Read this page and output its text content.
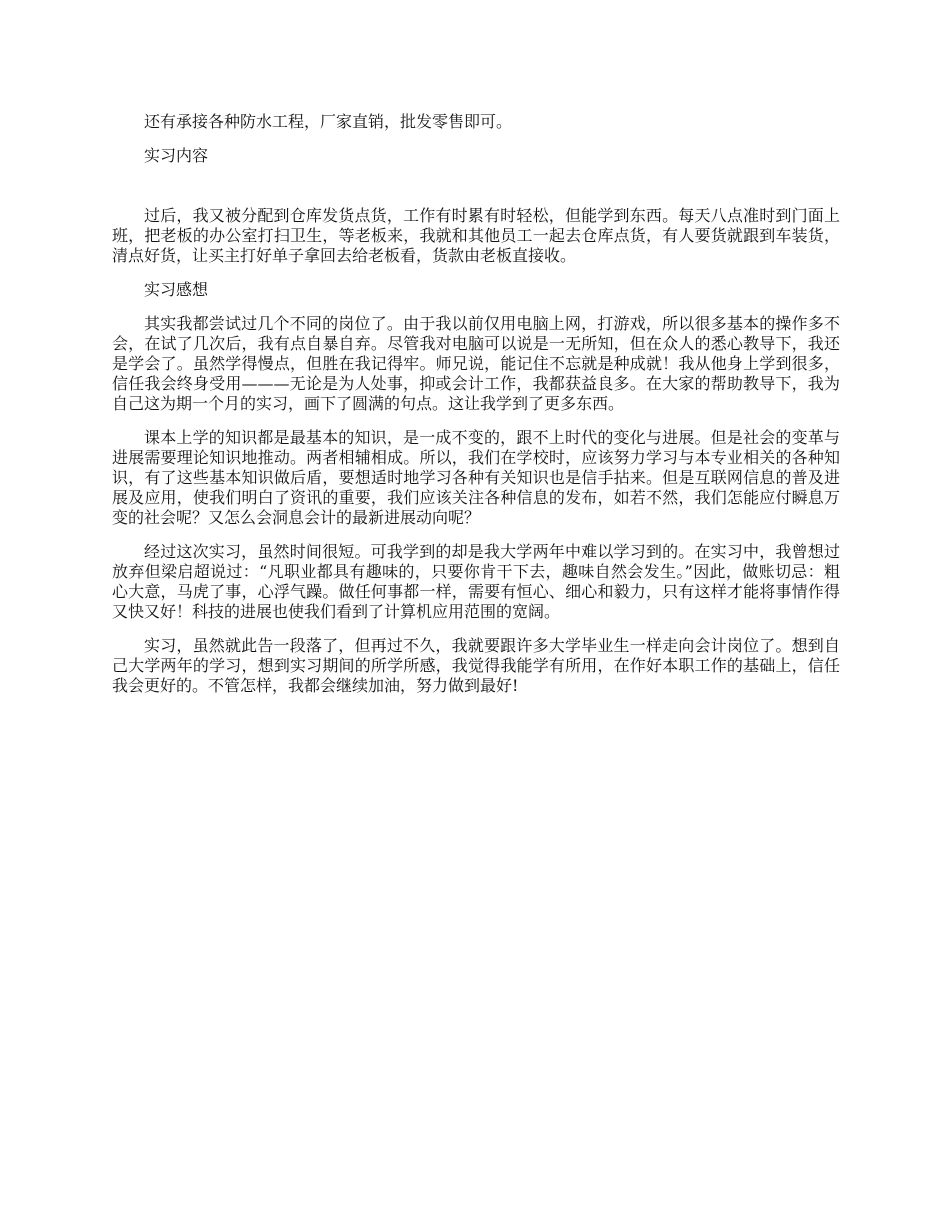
还有承接各种防水工程，厂家直销，批发零售即可。

实习内容

过后，我又被分配到仓库发货点货，工作有时累有时轻松，但能学到东西。每天八点准时到门面上班，把老板的办公室打扫卫生，等老板来，我就和其他员工一起去仓库点货，有人要货就跟到车装货，清点好货，让买主打好单子拿回去给老板看，货款由老板直接收。

实习感想

其实我都尝试过几个不同的岗位了。由于我以前仅用电脑上网，打游戏，所以很多基本的操作多不会，在试了几次后，我有点自暴自弃。尽管我对电脑可以说是一无所知，但在众人的悉心教导下，我还是学会了。虽然学得慢点，但胜在我记得牢。师兄说，能记住不忘就是种成就！我从他身上学到很多，信任我会终身受用———无论是为人处事，抑或会计工作，我都获益良多。在大家的帮助教导下，我为自己这为期一个月的实习，画下了圆满的句点。这让我学到了更多东西。

课本上学的知识都是最基本的知识，是一成不变的，跟不上时代的变化与进展。但是社会的变革与进展需要理论知识地推动。两者相辅相成。所以，我们在学校时，应该努力学习与本专业相关的各种知识，有了这些基本知识做后盾，要想适时地学习各种有关知识也是信手拈来。但是互联网信息的普及进展及应用，使我们明白了资讯的重要，我们应该关注各种信息的发布，如若不然，我们怎能应付瞬息万变的社会呢？又怎么会洞息会计的最新进展动向呢？

经过这次实习，虽然时间很短。可我学到的却是我大学两年中难以学习到的。在实习中，我曾想过放弃但梁启超说过：“凡职业都具有趣味的，只要你肯干下去，趣味自然会发生。”因此，做账切忌：粗心大意，马虎了事，心浮气躁。做任何事都一样，需要有恒心、细心和毅力，只有这样才能将事情作得又快又好！科技的进展也使我们看到了计算机应用范围的宽阔。

实习，虽然就此告一段落了，但再过不久，我就要跟许多大学毕业生一样走向会计岗位了。想到自己大学两年的学习，想到实习期间的所学所感，我觉得我能学有所用，在作好本职工作的基础上，信任我会更好的。不管怎样，我都会继续加油，努力做到最好!
